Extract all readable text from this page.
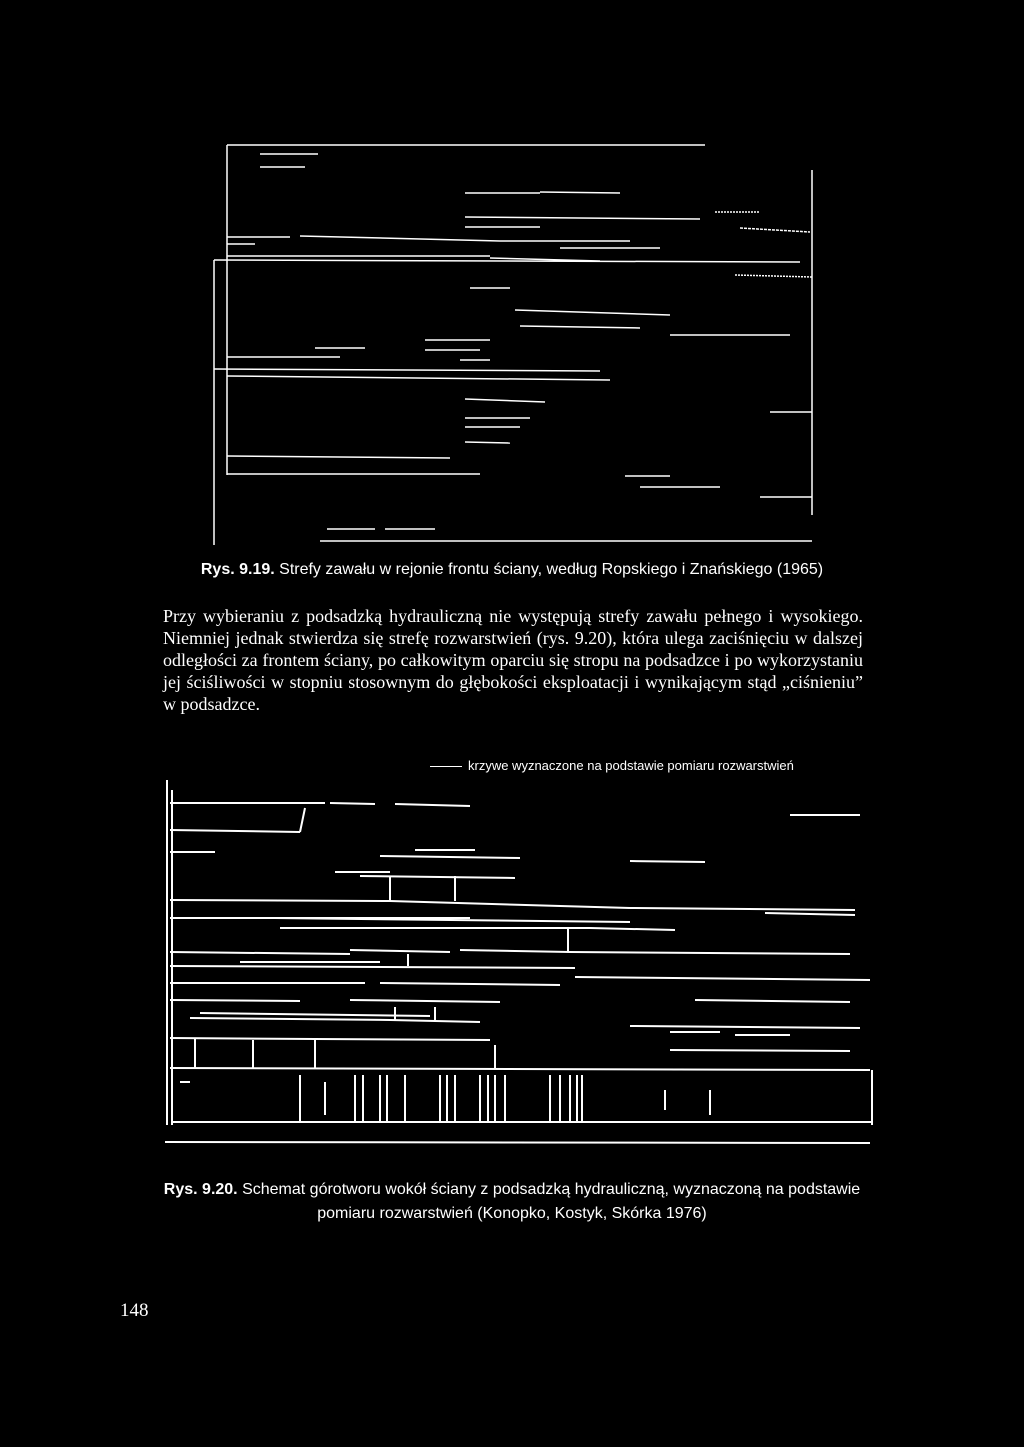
Rys. 9.19. Strefy zawału w rejonie frontu ściany, według Ropskiego i Znańskiego (1965)

Przy wybieraniu z podsadzką hydrauliczną nie występują strefy zawału pełnego i wysokiego. Niemniej jednak stwierdza się strefę rozwarstwień (rys. 9.20), która ulega zaciśnięciu w dalszej odległości za frontem ściany, po całkowitym oparciu się stropu na podsadzce i po wykorzystaniu jej ściśliwości w stopniu stosownym do głębokości eksploatacji i wynikającym stąd „ciśnieniu” w podsadzce.

krzywe wyznaczone na podstawie pomiaru rozwarstwień
Rys. 9.20. Schemat górotworu wokół ściany z podsadzką hydrauliczną, wyznaczoną na podstawie
pomiaru rozwarstwień (Konopko, Kostyk, Skórka 1976)
148
